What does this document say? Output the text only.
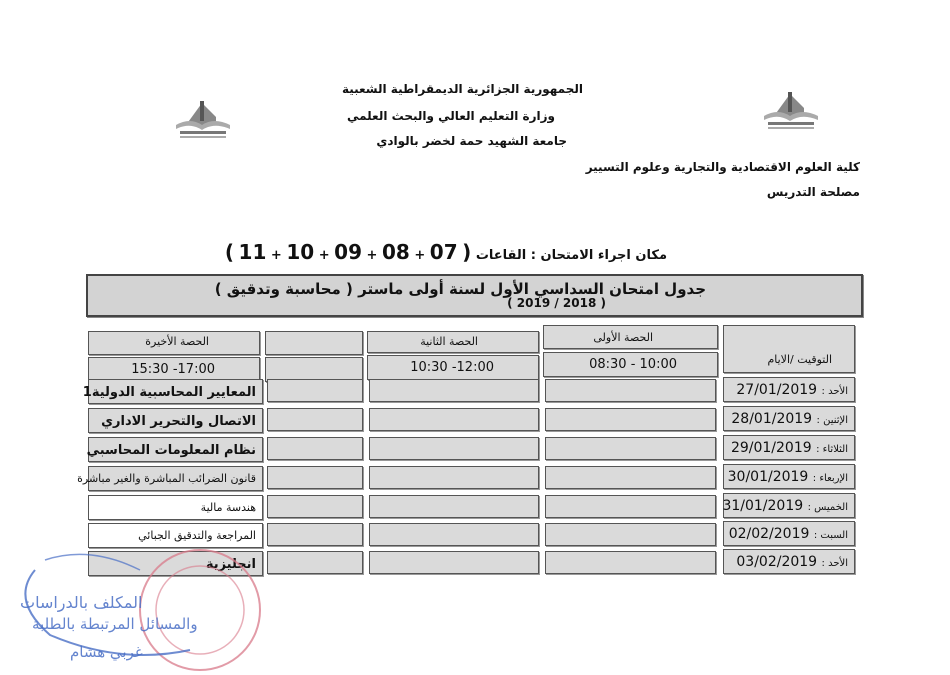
الجمهورية الجزائرية الديمقراطية الشعبية
وزارة التعليم العالي والبحث العلمي
جامعة الشهيد حمة لخضر بالوادي
كلية العلوم الاقتصادية والتجارية وعلوم التسيير
مصلحة التدريس
مكان اجراء الامتحان : القاعات ( 07 + 08 + 09 + 10 + 11 )
جدول امتحان السداسي الأول لسنة أولى ماستر ( محاسبة وتدقيق )
( 2018 / 2019 )
التوقيت /الايام
الحصة الأولى
الحصة الثانية
الحصة الأخيرة
08:30 - 10:00
10:30 -12:00
15:30 -17:00
الأحد : 27/01/2019
المعايير المحاسبية الدولية1
الإثنين : 28/01/2019
الاتصال والتحرير الاداري
الثلاثاء : 29/01/2019
نظام المعلومات المحاسبي
الإربعاء : 30/01/2019
قانون الضرائب المباشرة والغير مباشرة
الخميس : 31/01/2019
هندسة مالية
السبت : 02/02/2019
المراجعة والتدقيق الجبائي
الأحد : 03/02/2019
انجليزية
المكلف بالدراسات
والمسائل المرتبطة بالطلبة
غربي هشام
